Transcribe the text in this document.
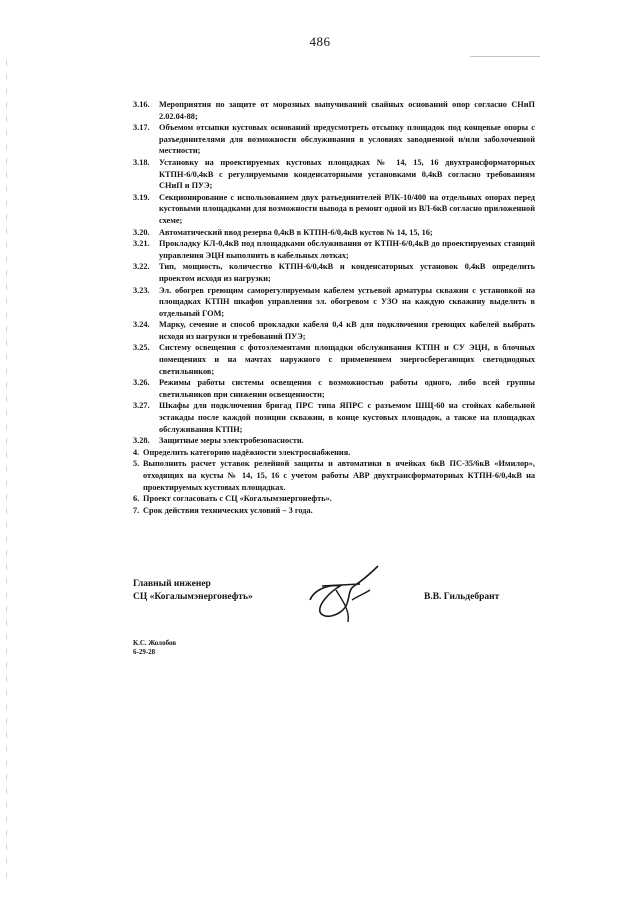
486
3.16. Мероприятия по защите от морозных выпучиваний свайных оснований опор согласно СНиП 2.02.04-88;
3.17. Объемом отсыпки кустовых оснований предусмотреть отсыпку площадок под концевые опоры с разъединителями для возможности обслуживания в условиях заводненной и/или заболоченной местности;
3.18. Установку на проектируемых кустовых площадках № 14, 15, 16 двухтрансформаторных КТПН-6/0,4кВ с регулируемыми конденсаторными установками 0,4кВ согласно требованиям СНиП и ПУЭ;
3.19. Секционирование с использованием двух разъединителей РЛК-10/400 на отдельных опорах перед кустовыми площадками для возможности вывода в ремонт одной из ВЛ-6кВ согласно приложенной схеме;
3.20. Автоматический ввод резерва 0,4кВ в КТПН-6/0,4кВ кустов № 14, 15, 16;
3.21. Прокладку КЛ-0,4кВ под площадками обслуживания от КТПН-6/0,4кВ до проектируемых станций управления ЭЦН выполнить в кабельных лотках;
3.22. Тип, мощность, количество КТПН-6/0,4кВ и конденсаторных установок 0,4кВ определить проектом исходя из нагрузки;
3.23. Эл. обогрев греющим саморегулируемым кабелем устьевой арматуры скважин с установкой на площадках КТПН шкафов управления эл. обогревом с УЗО на каждую скважину выделить в отдельный ГОМ;
3.24. Марку, сечение и способ прокладки кабеля 0,4 кВ для подключения греющих кабелей выбрать исходя из нагрузки и требований ПУЭ;
3.25. Систему освещения с фотоэлементами площадки обслуживания КТПН и СУ ЭЦН, в блочных помещениях и на мачтах наружного с применением энергосберегающих светодиодных светильников;
3.26. Режимы работы системы освещения с возможностью работы одного, либо всей группы светильников при снижении освещенности;
3.27. Шкафы для подключения бригад ПРС типа ЯПРС с разъемом ШЩ-60 на стойках кабельной эстакады после каждой позиции скважин, в конце кустовых площадок, а также на площадках обслуживания КТПН;
3.28. Защитные меры электробезопасности.
4. Определить категорию надёжности электроснабжения.
5. Выполнить расчет уставок релейной защиты и автоматики в ячейках 6кВ ПС-35/6кВ «Имилор», отходящих на кусты № 14, 15, 16 с учетом работы АВР двухтрансформаторных КТПН-6/0,4кВ на проектируемых кустовых площадках.
6. Проект согласовать с СЦ «Когалымэнергонефть».
7. Срок действия технических условий – 3 года.
Главный инженер
СЦ «Когалымэнергонефть»	В.В. Гильдебрант
К.С. Жолобов
6-29-28
